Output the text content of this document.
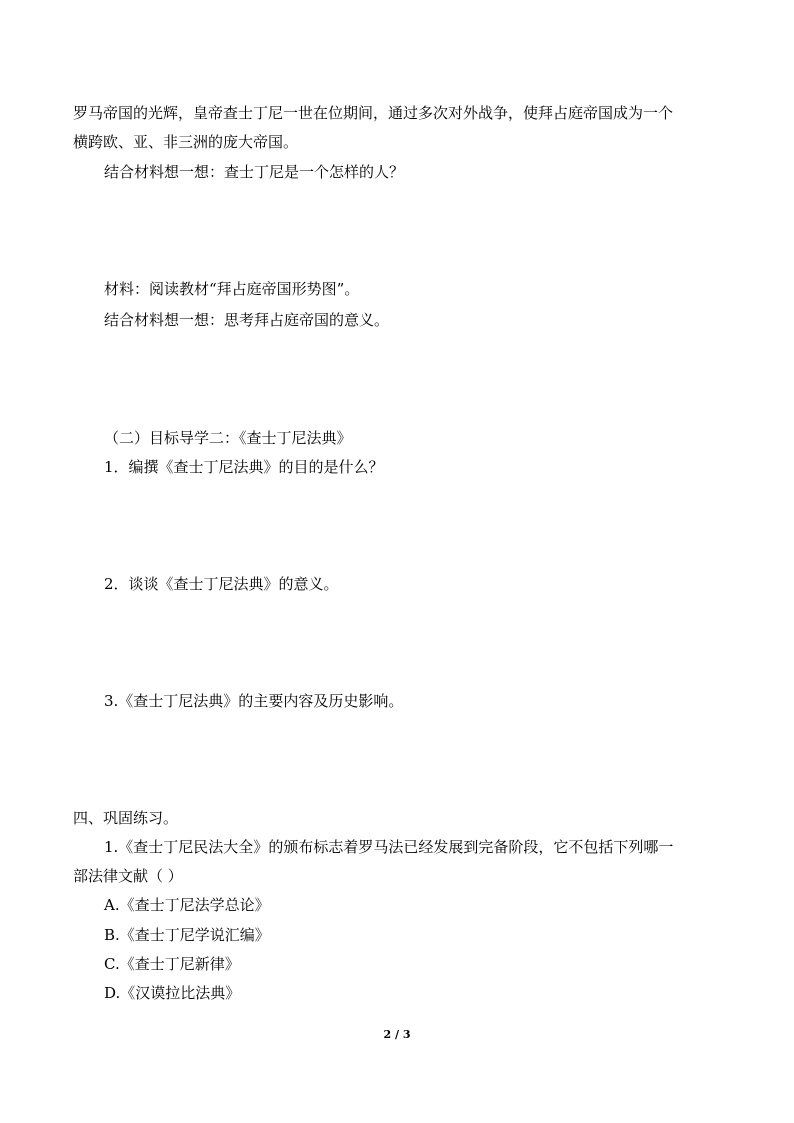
罗马帝国的光辉，皇帝查士丁尼一世在位期间，通过多次对外战争，使拜占庭帝国成为一个
横跨欧、亚、非三洲的庞大帝国。
结合材料想一想：查士丁尼是一个怎样的人？
材料：阅读教材“拜占庭帝国形势图”。
结合材料想一想：思考拜占庭帝国的意义。
（二）目标导学二：《查士丁尼法典》
1．编撰《查士丁尼法典》的目的是什么？
2．谈谈《查士丁尼法典》的意义。
3.《查士丁尼法典》的主要内容及历史影响。
四、巩固练习。
1.《查士丁尼民法大全》的颁布标志着罗马法已经发展到完备阶段，它不包括下列哪一
部法律文献（ ）
A.《查士丁尼法学总论》
B.《查士丁尼学说汇编》
C.《查士丁尼新律》
D.《汉谟拉比法典》
2 / 3
